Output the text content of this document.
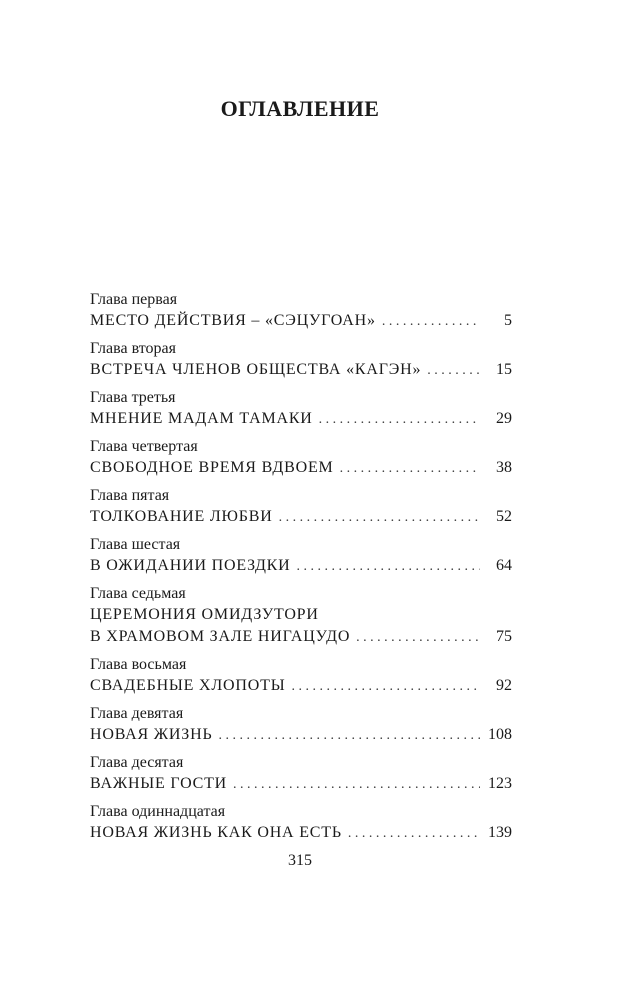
ОГЛАВЛЕНИЕ
Глава первая
МЕСТО ДЕЙСТВИЯ – «СЭЦУГОАН» . . .	5
Глава вторая
ВСТРЕЧА ЧЛЕНОВ ОБЩЕСТВА «КАГЭН» . . .	15
Глава третья
МНЕНИЕ МАДАМ ТАМАКИ . . .	29
Глава четвертая
СВОБОДНОЕ ВРЕМЯ ВДВОЕМ . . .	38
Глава пятая
ТОЛКОВАНИЕ ЛЮБВИ . . .	52
Глава шестая
В ОЖИДАНИИ ПОЕЗДКИ . . .	64
Глава седьмая
ЦЕРЕМОНИЯ ОМИДЗУТОРИ
В ХРАМОВОМ ЗАЛЕ НИГАЦУДО . . .	75
Глава восьмая
СВАДЕБНЫЕ ХЛОПОТЫ . . .	92
Глава девятая
НОВАЯ ЖИЗНЬ . . .	108
Глава десятая
ВАЖНЫЕ ГОСТИ . . .	123
Глава одиннадцатая
НОВАЯ ЖИЗНЬ КАК ОНА ЕСТЬ . . .	139
315
